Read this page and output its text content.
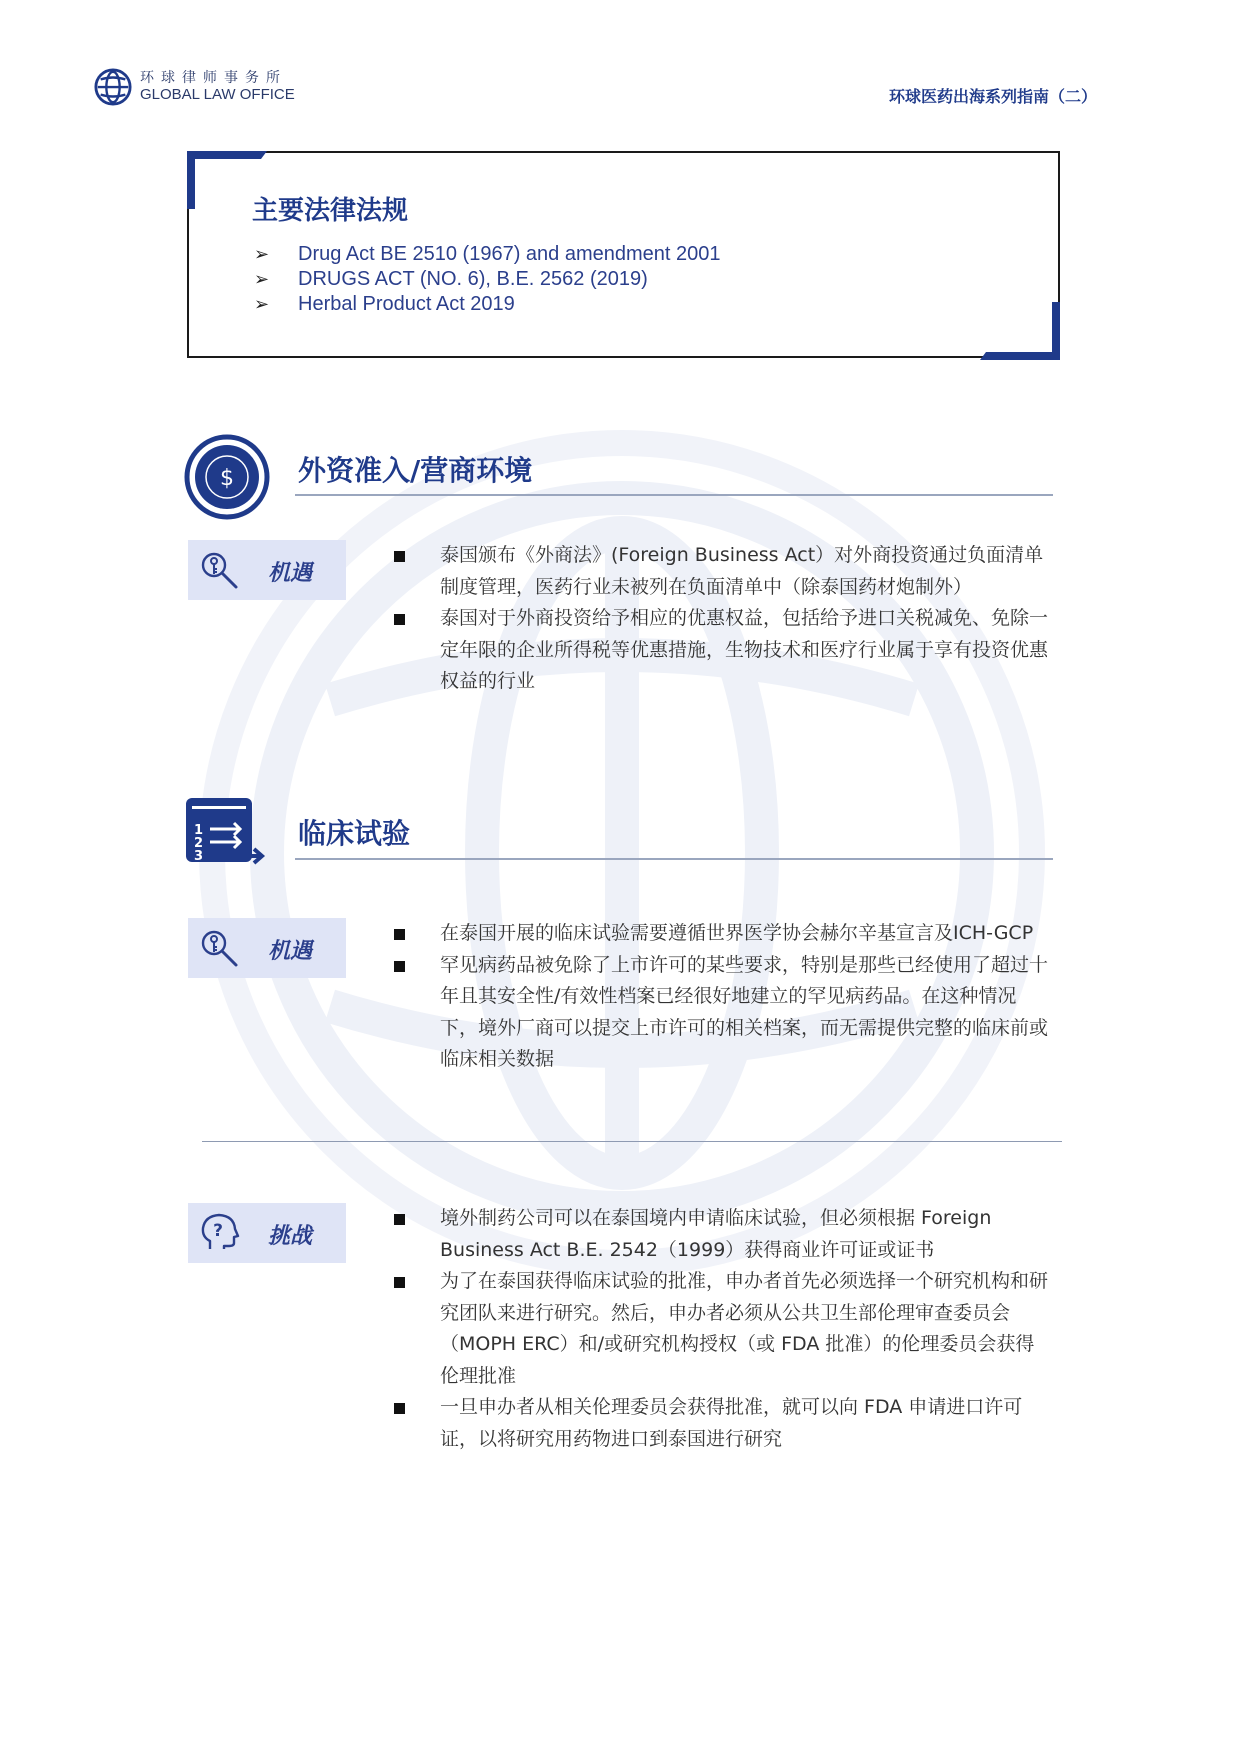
环球律师事务所
GLOBAL LAW OFFICE	环球医药出海系列指南（二）
主要法律法规
➢ Drug Act BE 2510 (1967) and amendment 2001
➢ DRUGS ACT (NO. 6), B.E. 2562 (2019)
➢ Herbal Product Act 2019
$ 外资准入/营商环境
机遇
泰国颁布《外商法》(Foreign Business Act）对外商投资通过负面清单制度管理，医药行业未被列在负面清单中（除泰国药材炮制外）
泰国对于外商投资给予相应的优惠权益，包括给予进口关税减免、免除一定年限的企业所得税等优惠措施，生物技术和医疗行业属于享有投资优惠权益的行业
1
2
3
临床试验
机遇
在泰国开展的临床试验需要遵循世界医学协会赫尔辛基宣言及ICH-GCP
罕见病药品被免除了上市许可的某些要求，特别是那些已经使用了超过十年且其安全性/有效性档案已经很好地建立的罕见病药品。在这种情况下，境外厂商可以提交上市许可的相关档案，而无需提供完整的临床前或临床相关数据
? 挑战
境外制药公司可以在泰国境内申请临床试验，但必须根据 Foreign Business Act B.E. 2542（1999）获得商业许可证或证书
为了在泰国获得临床试验的批准，申办者首先必须选择一个研究机构和研究团队来进行研究。然后，申办者必须从公共卫生部伦理审查委员会（MOPH ERC）和/或研究机构授权（或 FDA 批准）的伦理委员会获得伦理批准
一旦申办者从相关伦理委员会获得批准，就可以向 FDA 申请进口许可证，以将研究用药物进口到泰国进行研究
